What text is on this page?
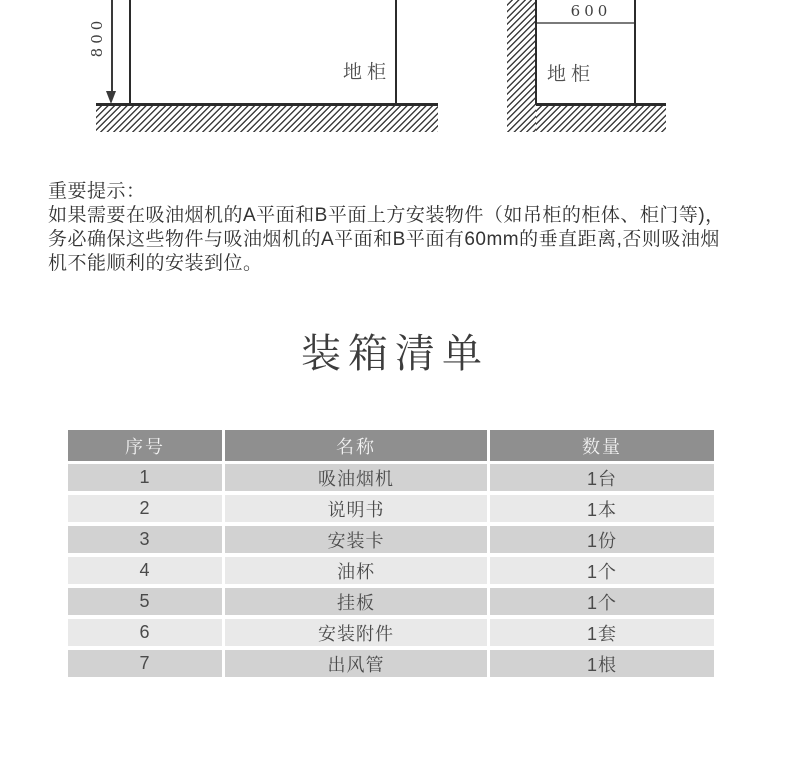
800
地柜
600
地柜
重要提示：
如果需要在吸油烟机的A平面和B平面上方安装物件（如吊柜的柜体、柜门等)，
务必确保这些物件与吸油烟机的A平面和B平面有60mm的垂直距离,否则吸油烟
机不能顺利的安装到位。
装箱清单
序号	名称	数量
1	吸油烟机	1台
2	说明书	1本
3	安装卡	1份
4	油杯	1个
5	挂板	1个
6	安装附件	1套
7	出风管	1根
